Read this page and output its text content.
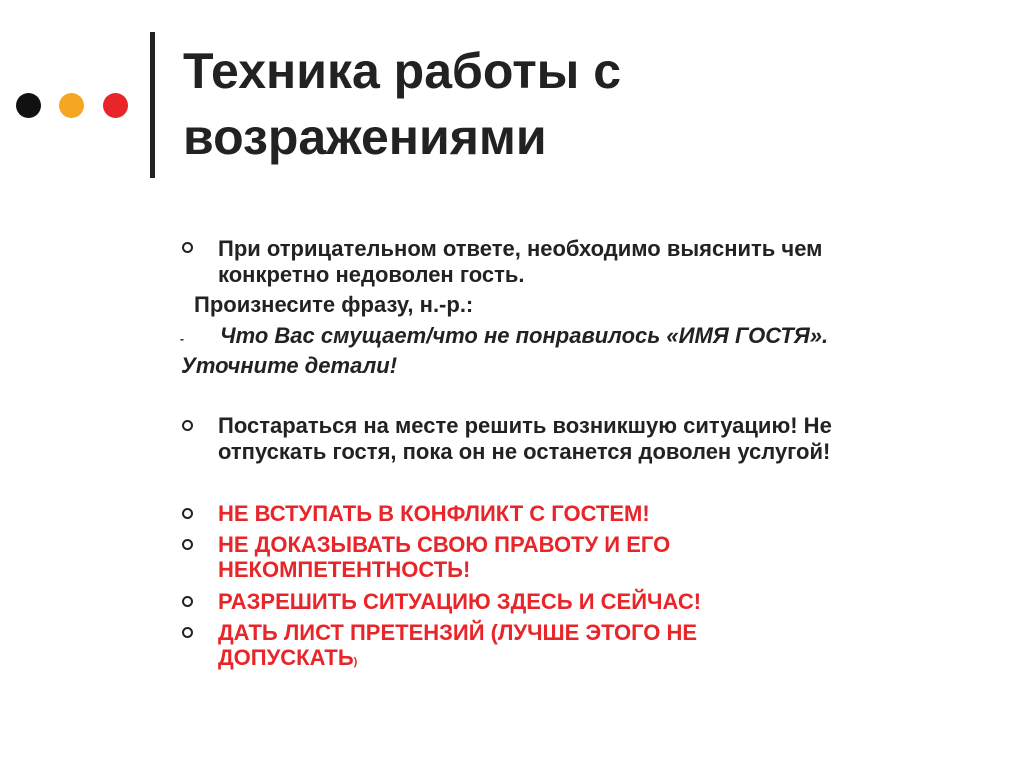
Техника работы с
возражениями
При отрицательном ответе, необходимо выяснить чем
конкретно недоволен гость.
Произнесите фразу, н.-р.:
- Что Вас смущает/что не понравилось «ИМЯ ГОСТЯ».
Уточните детали!
Постараться на месте решить возникшую ситуацию! Не
отпускать гостя, пока он не останется доволен услугой!
НЕ ВСТУПАТЬ В КОНФЛИКТ С ГОСТЕМ!
НЕ ДОКАЗЫВАТЬ СВОЮ ПРАВОТУ И ЕГО
НЕКОМПЕТЕНТНОСТЬ!
РАЗРЕШИТЬ СИТУАЦИЮ ЗДЕСЬ И СЕЙЧАС!
ДАТЬ ЛИСТ ПРЕТЕНЗИЙ (ЛУЧШЕ ЭТОГО НЕ
ДОПУСКАТЬ)
